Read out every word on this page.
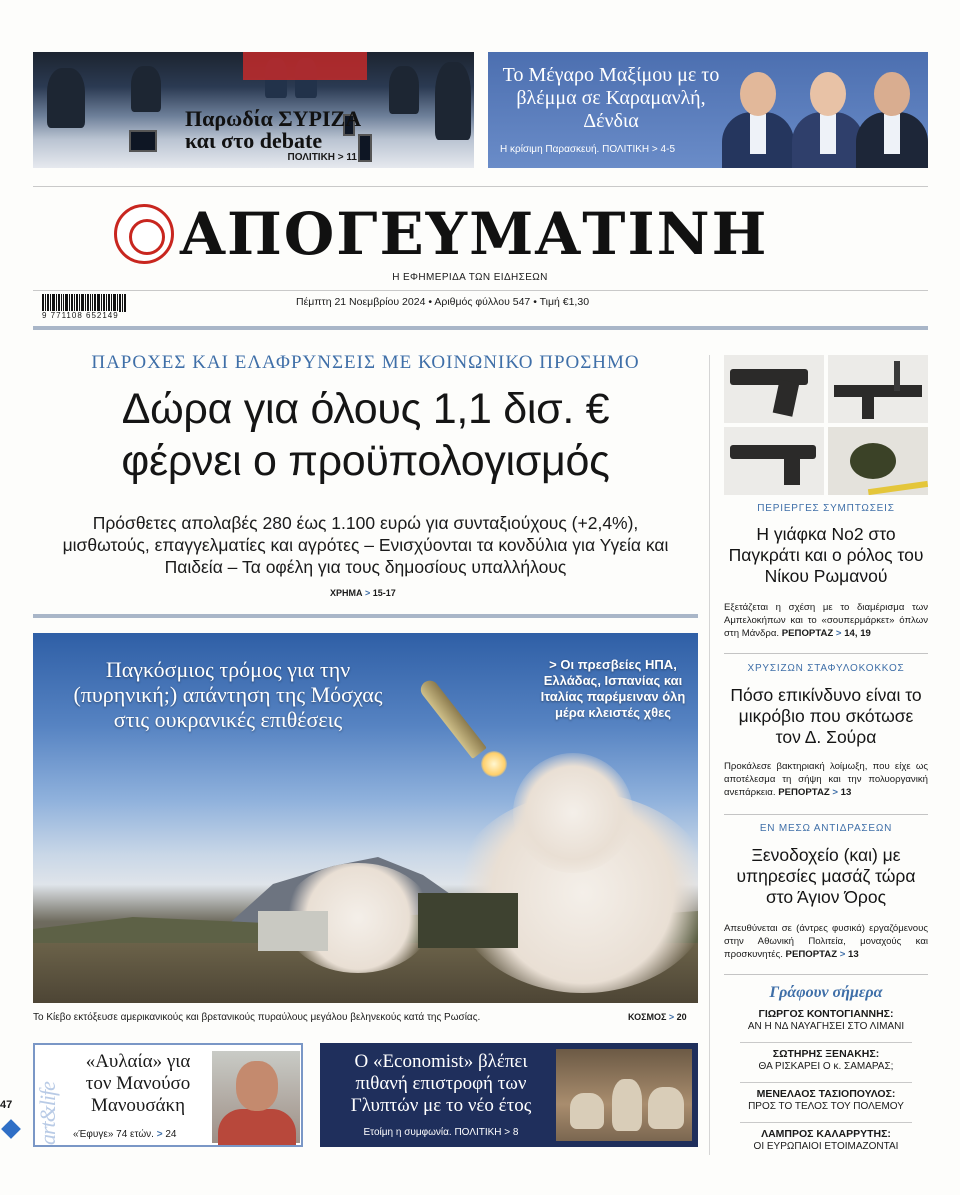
Παρωδία ΣΥΡΙΖΑ και στο debate
ΠΟΛΙΤΙΚΗ > 11
Το Μέγαρο Μαξίμου με το βλέμμα σε Καραμανλή, Δένδια
Η κρίσιμη Παρασκευή. ΠΟΛΙΤΙΚΗ > 4-5
ΑΠΟΓΕΥΜΑΤΙΝΗ
Η ΕΦΗΜΕΡΙΔΑ ΤΩΝ ΕΙΔΗΣΕΩΝ
9 771108 652149
Πέμπτη 21 Νοεμβρίου 2024 • Αριθμός φύλλου 547 • Τιμή €1,30
ΠΑΡΟΧΕΣ ΚΑΙ ΕΛΑΦΡΥΝΣΕΙΣ ΜΕ ΚΟΙΝΩΝΙΚΟ ΠΡΟΣΗΜΟ
Δώρα για όλους 1,1 δισ. €
φέρνει ο προϋπολογισμός
Πρόσθετες απολαβές 280 έως 1.100 ευρώ για συνταξιούχους (+2,4%), μισθωτούς, επαγγελματίες και αγρότες – Ενισχύονται τα κονδύλια για Υγεία και Παιδεία – Τα οφέλη για τους δημοσίους υπαλλήλους
ΧΡΗΜΑ > 15-17
Παγκόσμιος τρόμος για την (πυρηνική;) απάντηση της Μόσχας στις ουκρανικές επιθέσεις
> Οι πρεσβείες ΗΠΑ, Ελλάδας, Ισπανίας και Ιταλίας παρέμειναν όλη μέρα κλειστές χθες
Το Κίεβο εκτόξευσε αμερικανικούς και βρετανικούς πυραύλους μεγάλου βεληνεκούς κατά της Ρωσίας.	ΚΟΣΜΟΣ > 20
art&life
«Αυλαία» για τον Μανούσο Μανουσάκη
«Έφυγε» 74 ετών. > 24
Ο «Economist» βλέπει πιθανή επιστροφή των Γλυπτών με το νέο έτος
Ετοίμη η συμφωνία. ΠΟΛΙΤΙΚΗ > 8
47
ΠΕΡΙΕΡΓΕΣ ΣΥΜΠΤΩΣΕΙΣ
Η γιάφκα Νο2 στο Παγκράτι και ο ρόλος του Νίκου Ρωμανού
Εξετάζεται η σχέση με το διαμέρισμα των Αμπελοκήπων και το «σουπερμάρκετ» όπλων στη Μάνδρα. ΡΕΠΟΡΤΑΖ > 14, 19
ΧΡΥΣΙΖΩΝ ΣΤΑΦΥΛΟΚΟΚΚΟΣ
Πόσο επικίνδυνο είναι το μικρόβιο που σκότωσε τον Δ. Σούρα
Προκάλεσε βακτηριακή λοίμωξη, που είχε ως αποτέλεσμα τη σήψη και την πολυοργανική ανεπάρκεια. ΡΕΠΟΡΤΑΖ > 13
ΕΝ ΜΕΣΩ ΑΝΤΙΔΡΑΣΕΩΝ
Ξενοδοχείο (και) με υπηρεσίες μασάζ τώρα στο Άγιον Όρος
Απευθύνεται σε (άντρες φυσικά) εργαζόμενους στην Αθωνική Πολιτεία, μοναχούς και προσκυνητές. ΡΕΠΟΡΤΑΖ > 13
Γράφουν σήμερα
ΓΙΩΡΓΟΣ ΚΟΝΤΟΓΙΑΝΝΗΣ:
ΑΝ Η ΝΔ ΝΑΥΑΓΗΣΕΙ ΣΤΟ ΛΙΜΑΝΙ
ΣΩΤΗΡΗΣ ΞΕΝΑΚΗΣ:
ΘΑ ΡΙΣΚΑΡΕΙ Ο κ. ΣΑΜΑΡΑΣ;
ΜΕΝΕΛΑΟΣ ΤΑΣΙΟΠΟΥΛΟΣ:
ΠΡΟΣ ΤΟ ΤΕΛΟΣ ΤΟΥ ΠΟΛΕΜΟΥ
ΛΑΜΠΡΟΣ ΚΑΛΑΡΡΥΤΗΣ:
ΟΙ ΕΥΡΩΠΑΙΟΙ ΕΤΟΙΜΑΖΟΝΤΑΙ
